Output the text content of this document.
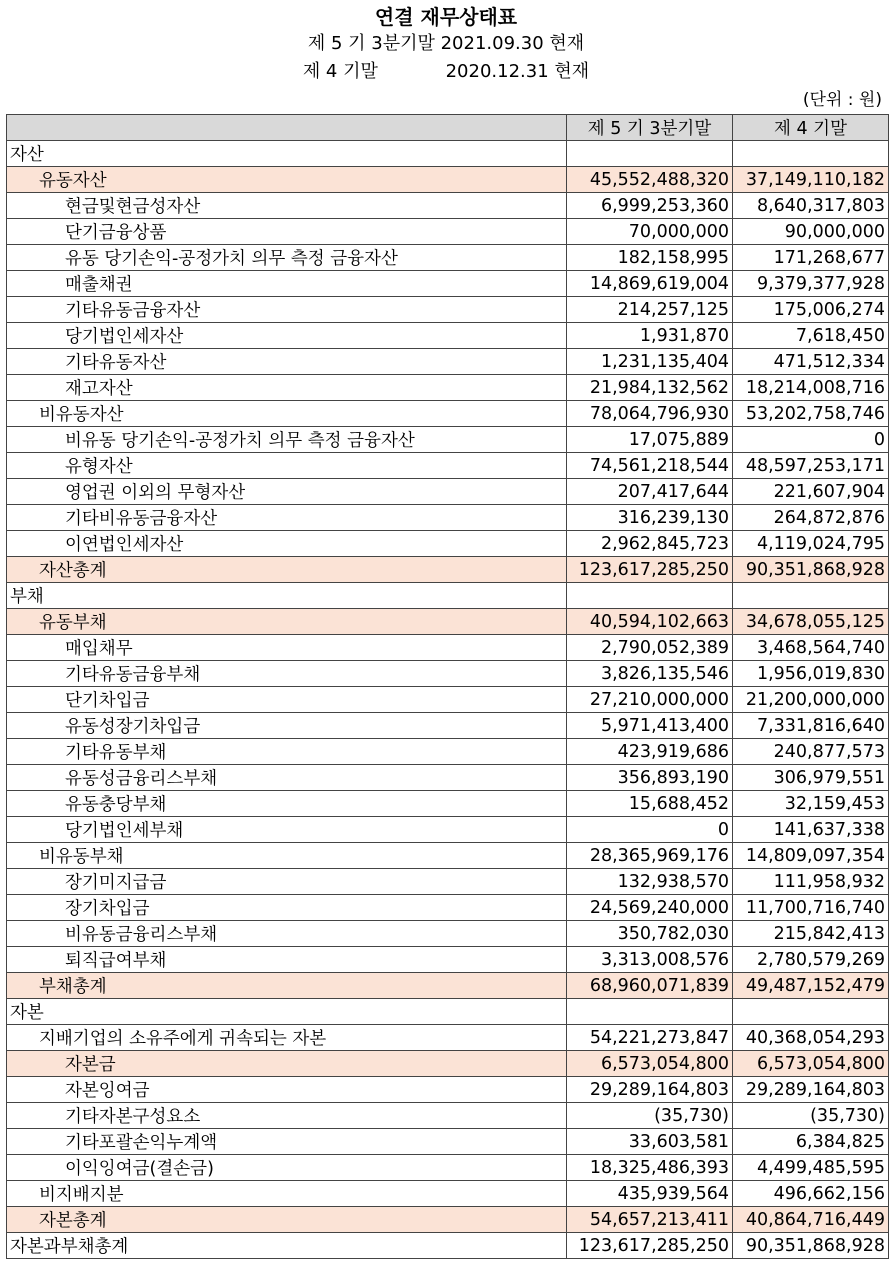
연결 재무상태표
제 5 기 3분기말 2021.09.30 현재
제 4 기말	2020.12.31 현재
(단위 : 원)
	제 5 기 3분기말	제 4 기말
자산		
유동자산	45,552,488,320	37,149,110,182
현금및현금성자산	6,999,253,360	8,640,317,803
단기금융상품	70,000,000	90,000,000
유동 당기손익-공정가치 의무 측정 금융자산	182,158,995	171,268,677
매출채권	14,869,619,004	9,379,377,928
기타유동금융자산	214,257,125	175,006,274
당기법인세자산	1,931,870	7,618,450
기타유동자산	1,231,135,404	471,512,334
재고자산	21,984,132,562	18,214,008,716
비유동자산	78,064,796,930	53,202,758,746
비유동 당기손익-공정가치 의무 측정 금융자산	17,075,889	0
유형자산	74,561,218,544	48,597,253,171
영업권 이외의 무형자산	207,417,644	221,607,904
기타비유동금융자산	316,239,130	264,872,876
이연법인세자산	2,962,845,723	4,119,024,795
자산총계	123,617,285,250	90,351,868,928
부채		
유동부채	40,594,102,663	34,678,055,125
매입채무	2,790,052,389	3,468,564,740
기타유동금융부채	3,826,135,546	1,956,019,830
단기차입금	27,210,000,000	21,200,000,000
유동성장기차입금	5,971,413,400	7,331,816,640
기타유동부채	423,919,686	240,877,573
유동성금융리스부채	356,893,190	306,979,551
유동충당부채	15,688,452	32,159,453
당기법인세부채	0	141,637,338
비유동부채	28,365,969,176	14,809,097,354
장기미지급금	132,938,570	111,958,932
장기차입금	24,569,240,000	11,700,716,740
비유동금융리스부채	350,782,030	215,842,413
퇴직급여부채	3,313,008,576	2,780,579,269
부채총계	68,960,071,839	49,487,152,479
자본		
지배기업의 소유주에게 귀속되는 자본	54,221,273,847	40,368,054,293
자본금	6,573,054,800	6,573,054,800
자본잉여금	29,289,164,803	29,289,164,803
기타자본구성요소	(35,730)	(35,730)
기타포괄손익누계액	33,603,581	6,384,825
이익잉여금(결손금)	18,325,486,393	4,499,485,595
비지배지분	435,939,564	496,662,156
자본총계	54,657,213,411	40,864,716,449
자본과부채총계	123,617,285,250	90,351,868,928
